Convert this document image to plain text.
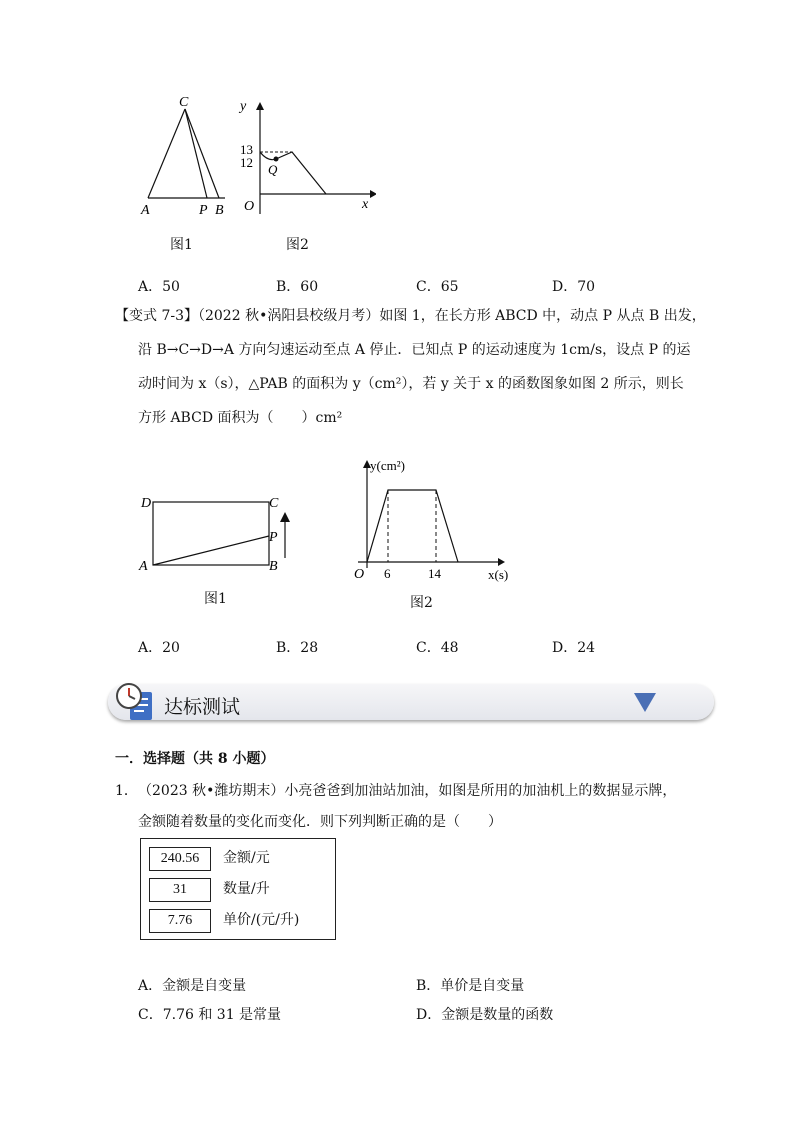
C
A	P B
图1
y
x
O
Q
13
12
图2
A．50	B．60	C．65	D．70
【变式 7-3】（2022 秋•涡阳县校级月考）如图 1，在长方形 ABCD 中，动点 P 从点 B 出发，
沿 B→C→D→A 方向匀速运动至点 A 停止．已知点 P 的运动速度为 1cm/s，设点 P 的运
动时间为 x（s），△PAB 的面积为 y（cm²），若 y 关于 x 的函数图象如图 2 所示，则长
方形 ABCD 面积为（　　）cm²
D	C
A	B
P
图1
y(cm²)
x(s)
O 6	14
图2
A．20	B．28	C．48	D．24
达标测试
一．选择题（共 8 小题）
1． （2023 秋•潍坊期末）小亮爸爸到加油站加油，如图是所用的加油机上的数据显示牌，
金额随着数量的变化而变化．则下列判断正确的是（　　）
240.56	金额/元
31	数量/升
7.76	单价/(元/升)
A．金额是自变量	B．单价是自变量
C．7.76 和 31 是常量	D．金额是数量的函数
